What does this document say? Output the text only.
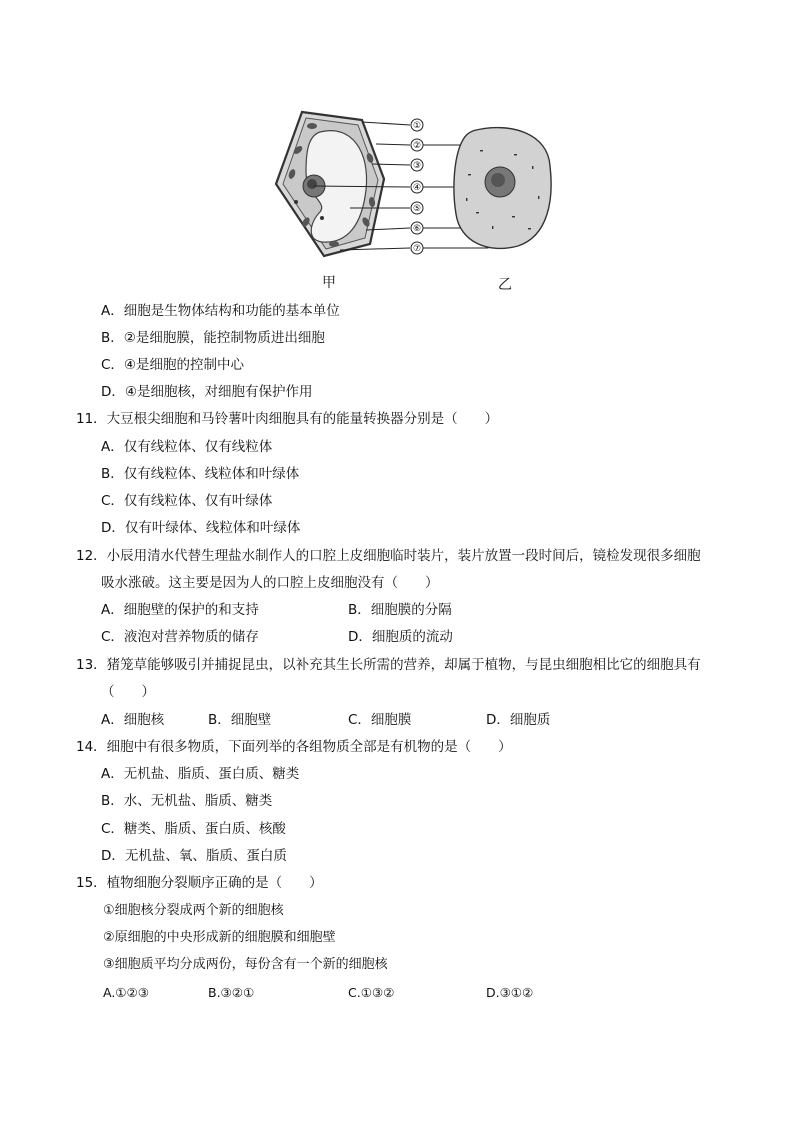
①
②
③
④
⑤
⑥
⑦
甲	乙
A．细胞是生物体结构和功能的基本单位
B．②是细胞膜，能控制物质进出细胞
C．④是细胞的控制中心
D．④是细胞核，对细胞有保护作用
11．大豆根尖细胞和马铃薯叶肉细胞具有的能量转换器分别是（　　）
A．仅有线粒体、仅有线粒体
B．仅有线粒体、线粒体和叶绿体
C．仅有线粒体、仅有叶绿体
D．仅有叶绿体、线粒体和叶绿体
12．小辰用清水代替生理盐水制作人的口腔上皮细胞临时装片，装片放置一段时间后，镜检发现很多细胞
吸水涨破。这主要是因为人的口腔上皮细胞没有（　　）
A．细胞壁的保护的和支持	B．细胞膜的分隔
C．液泡对营养物质的储存	D．细胞质的流动
13．猪笼草能够吸引并捕捉昆虫，以补充其生长所需的营养，却属于植物，与昆虫细胞相比它的细胞具有
（　　）
A．细胞核	B．细胞壁	C．细胞膜	D．细胞质
14．细胞中有很多物质，下面列举的各组物质全部是有机物的是（　　）
A．无机盐、脂质、蛋白质、糖类
B．水、无机盐、脂质、糖类
C．糖类、脂质、蛋白质、核酸
D．无机盐、氧、脂质、蛋白质
15．植物细胞分裂顺序正确的是（　　）
①细胞核分裂成两个新的细胞核
②原细胞的中央形成新的细胞膜和细胞壁
③细胞质平均分成两份，每份含有一个新的细胞核
A.①②③	B.③②①	C.①③②	D.③①②
